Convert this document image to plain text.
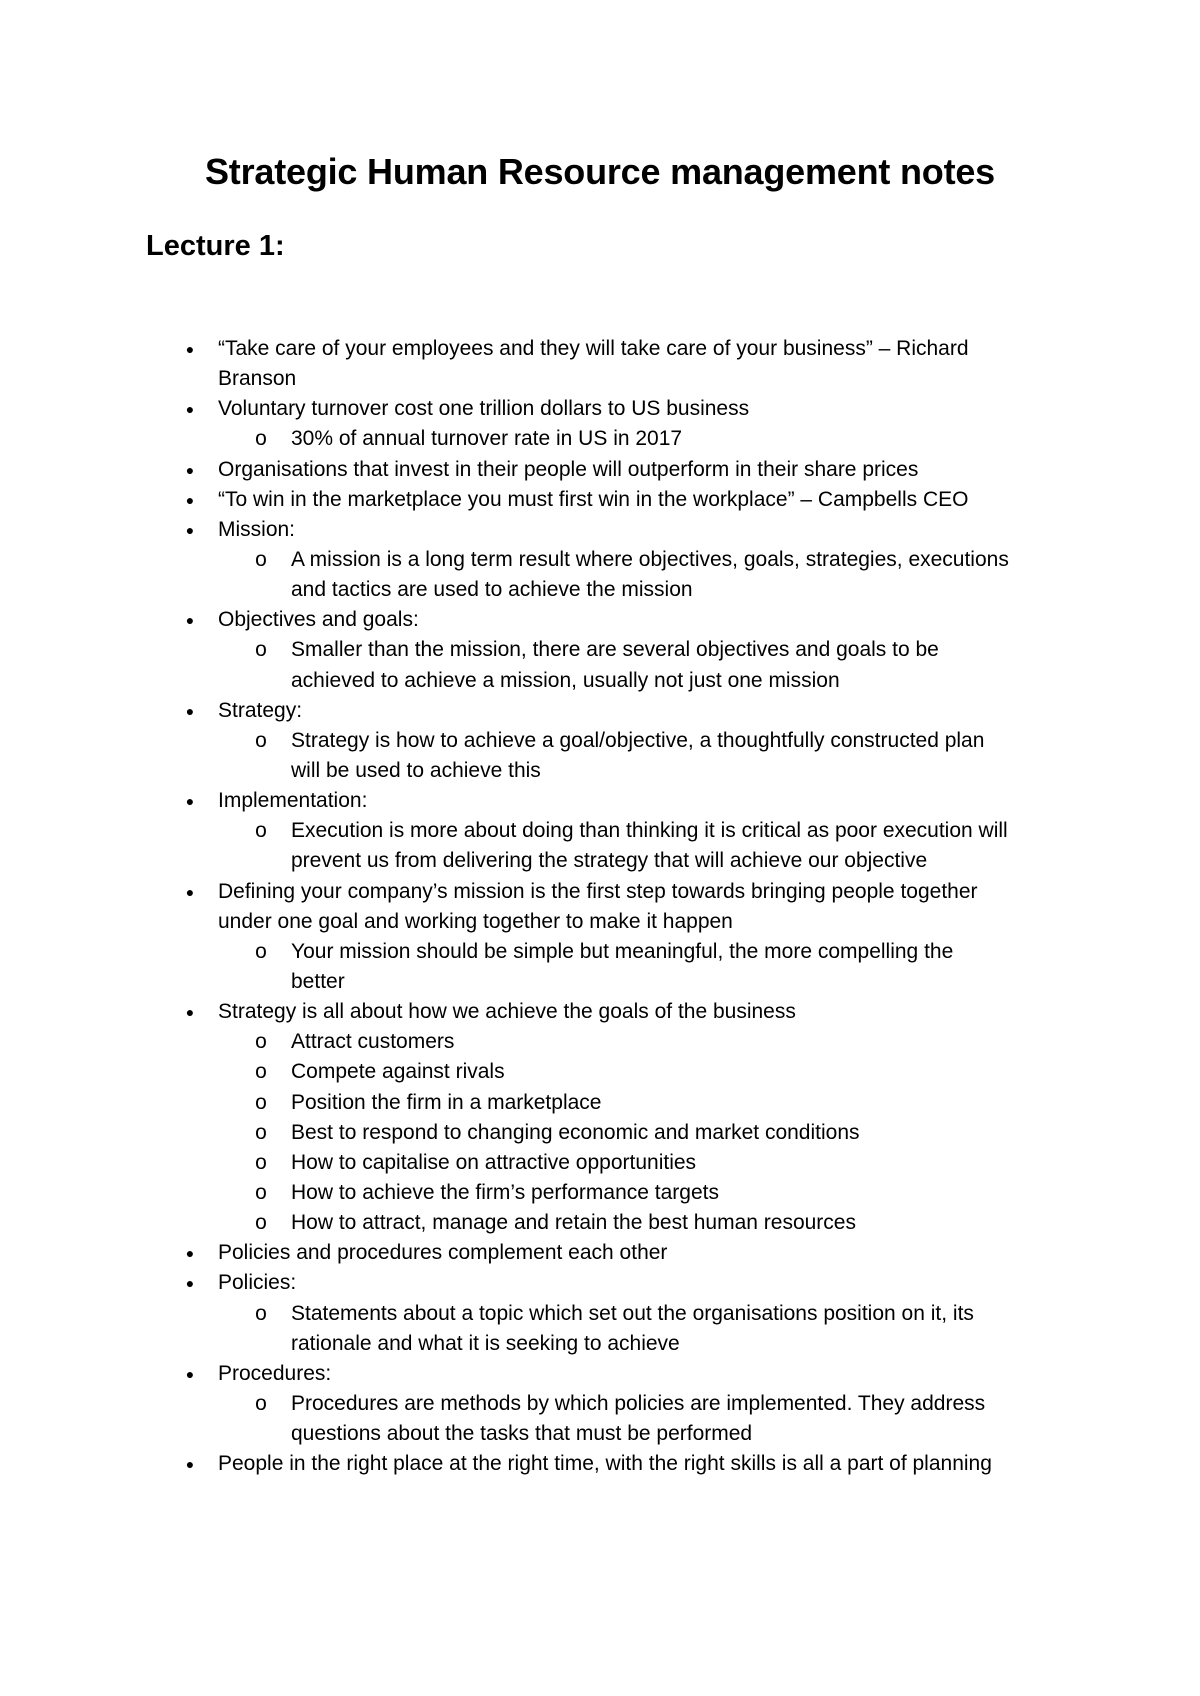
Strategic Human Resource management notes
Lecture 1:
● “Take care of your employees and they will take care of your business” – Richard
Branson
● Voluntary turnover cost one trillion dollars to US business
o 30% of annual turnover rate in US in 2017
● Organisations that invest in their people will outperform in their share prices
● “To win in the marketplace you must first win in the workplace” – Campbells CEO
● Mission:
o A mission is a long term result where objectives, goals, strategies, executions
and tactics are used to achieve the mission
● Objectives and goals:
o Smaller than the mission, there are several objectives and goals to be
achieved to achieve a mission, usually not just one mission
● Strategy:
o Strategy is how to achieve a goal/objective, a thoughtfully constructed plan
will be used to achieve this
● Implementation:
o Execution is more about doing than thinking it is critical as poor execution will
prevent us from delivering the strategy that will achieve our objective
● Defining your company’s mission is the first step towards bringing people together
under one goal and working together to make it happen
o Your mission should be simple but meaningful, the more compelling the
better
● Strategy is all about how we achieve the goals of the business
o Attract customers
o Compete against rivals
o Position the firm in a marketplace
o Best to respond to changing economic and market conditions
o How to capitalise on attractive opportunities
o How to achieve the firm’s performance targets
o How to attract, manage and retain the best human resources
● Policies and procedures complement each other
● Policies:
o Statements about a topic which set out the organisations position on it, its
rationale and what it is seeking to achieve
● Procedures:
o Procedures are methods by which policies are implemented. They address
questions about the tasks that must be performed
● People in the right place at the right time, with the right skills is all a part of planning
